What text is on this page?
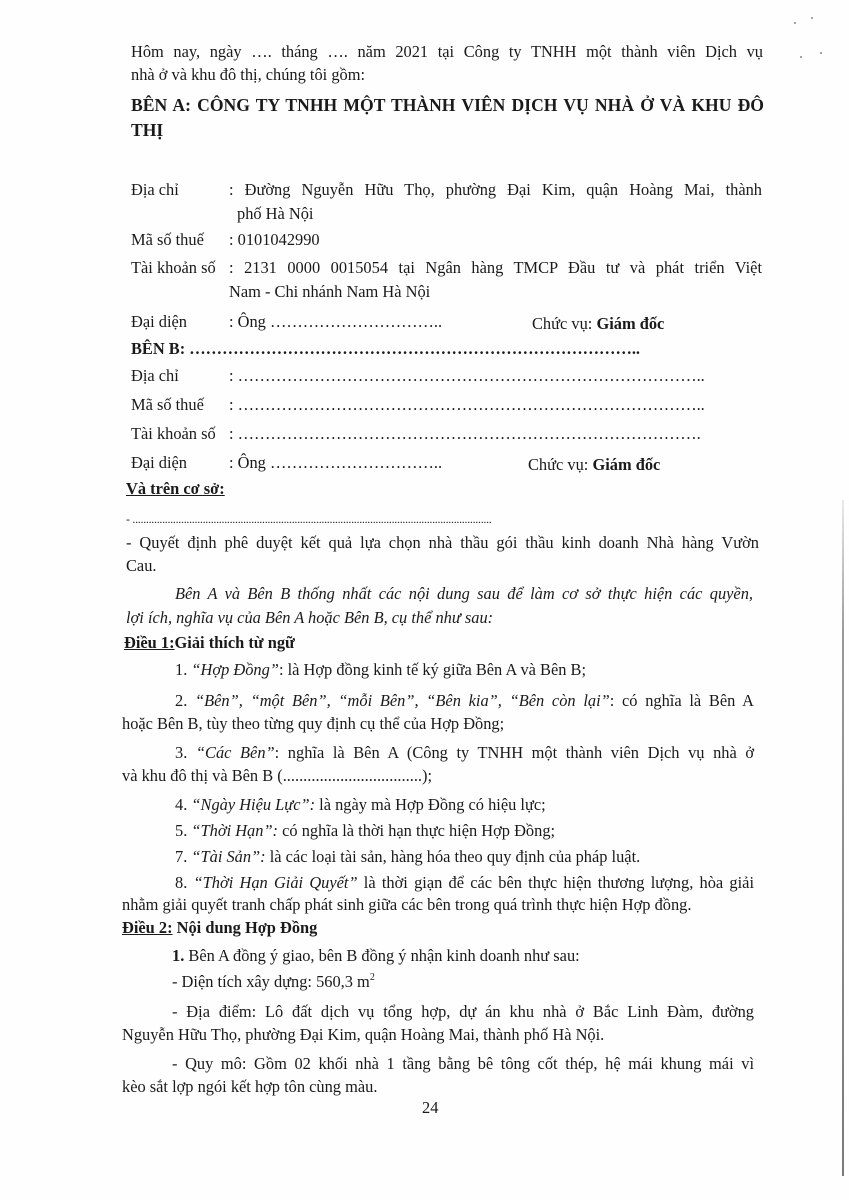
Hôm nay, ngày …. tháng …. năm 2021 tại Công ty TNHH một thành viên Dịch vụ
nhà ở và khu đô thị, chúng tôi gồm:
BÊN A: CÔNG TY TNHH MỘT THÀNH VIÊN DỊCH VỤ NHÀ Ở VÀ KHU ĐÔ
THỊ
Địa chỉ	: Đường Nguyễn Hữu Thọ, phường Đại Kim, quận Hoàng Mai, thành
phố Hà Nội
Mã số thuế : 0101042990
Tài khoản số : 2131 0000 0015054 tại Ngân hàng TMCP Đầu tư và phát triển Việt
Nam - Chi nhánh Nam Hà Nội
Đại diện	: Ông …………………………..	Chức vụ: Giám đốc
BÊN B: ………………………………………………………………………..
Địa chỉ	: …………………………………………………………………………..
Mã số thuế : …………………………………………………………………………..
Tài khoản số : ………………………………………………………………………….
Đại diện	: Ông …………………………..	Chức vụ: Giám đốc
Và trên cơ sở:
- .....................................................................................................................................
- Quyết định phê duyệt kết quả lựa chọn nhà thầu gói thầu kinh doanh Nhà hàng Vườn
Cau.
Bên A và Bên B thống nhất các nội dung sau để làm cơ sở thực hiện các quyền,
lợi ích, nghĩa vụ của Bên A hoặc Bên B, cụ thể như sau:
Điều 1:Giải thích từ ngữ
1. “Hợp Đồng”: là Hợp đồng kinh tế ký giữa Bên A và Bên B;
2. “Bên”, “một Bên”, “mỗi Bên”, “Bên kia”, “Bên còn lại”: có nghĩa là Bên A
hoặc Bên B, tùy theo từng quy định cụ thể của Hợp Đồng;
3. “Các Bên”: nghĩa là Bên A (Công ty TNHH một thành viên Dịch vụ nhà ở
và khu đô thị và Bên B (..................................);
4. “Ngày Hiệu Lực”: là ngày mà Hợp Đồng có hiệu lực;
5. “Thời Hạn”: có nghĩa là thời hạn thực hiện Hợp Đồng;
7. “Tài Sản”: là các loại tài sản, hàng hóa theo quy định của pháp luật.
8. “Thời Hạn Giải Quyết” là thời giạn để các bên thực hiện thương lượng, hòa giải
nhằm giải quyết tranh chấp phát sinh giữa các bên trong quá trình thực hiện Hợp đồng.
Điều 2: Nội dung Hợp Đồng
1. Bên A đồng ý giao, bên B đồng ý nhận kinh doanh như sau:
- Diện tích xây dựng: 560,3 $m^2$
- Địa điểm: Lô đất dịch vụ tổng hợp, dự án khu nhà ở Bắc Linh Đàm, đường
Nguyễn Hữu Thọ, phường Đại Kim, quận Hoàng Mai, thành phố Hà Nội.
- Quy mô: Gồm 02 khối nhà 1 tầng bằng bê tông cốt thép, hệ mái khung mái vì
kèo sắt lợp ngói kết hợp tôn cùng màu.
24
